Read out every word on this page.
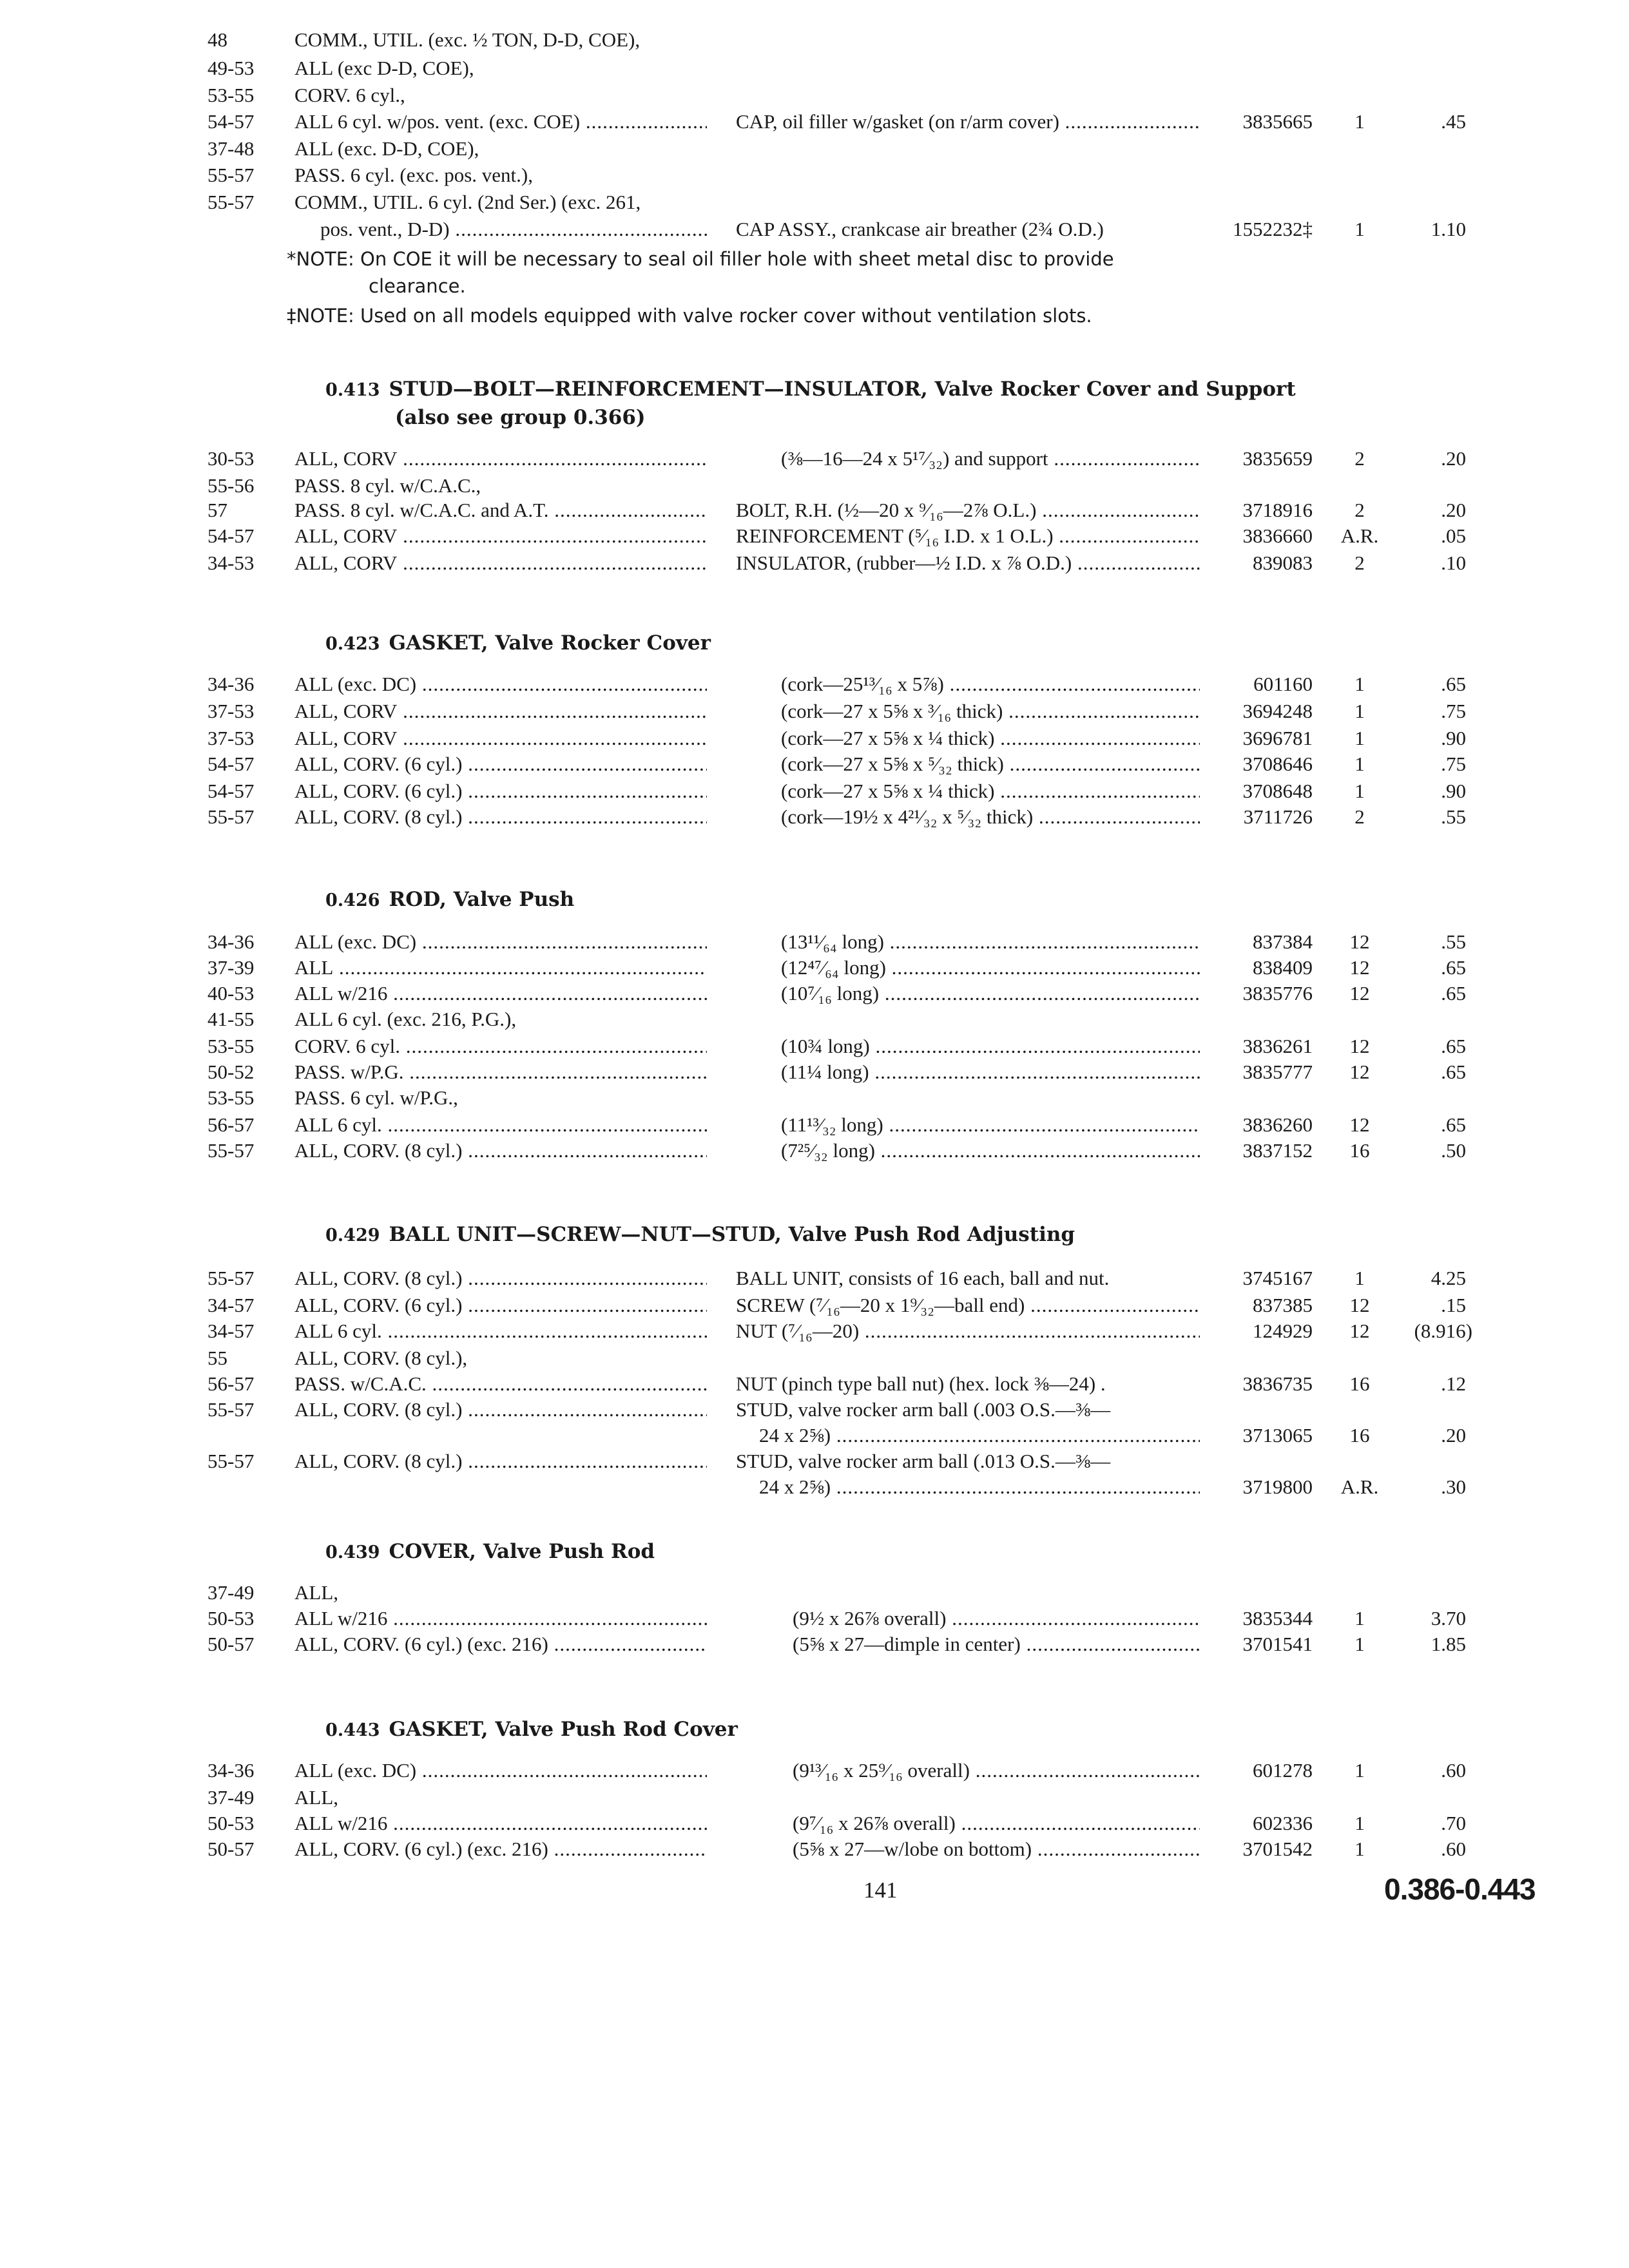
48	COMM., UTIL. (exc. ½ TON, D-D, COE),
49-53	ALL (exc D-D, COE),
53-55	CORV. 6 cyl.,
54-57	ALL 6 cyl. w/pos. vent. (exc. COE) .....	CAP, oil filler w/gasket (on r/arm cover) .....	3835665	1	.45
37-48	ALL (exc. D-D, COE),
55-57	PASS. 6 cyl. (exc. pos. vent.),
55-57	COMM., UTIL. 6 cyl. (2nd Ser.) (exc. 261,
pos. vent., D-D) .....	CAP ASSY., crankcase air breather (2¾ O.D.)	1552232‡	1	1.10
*NOTE: On COE it will be necessary to seal oil filler hole with sheet metal disc to provide
clearance.
‡NOTE: Used on all models equipped with valve rocker cover without ventilation slots.
0.413 STUD—BOLT—REINFORCEMENT—INSULATOR, Valve Rocker Cover and Support
(also see group 0.366)
30-53	ALL, CORV .....	(⅜—16—24 x 5¹⁷⁄₃₂) and support .....	3835659	2	.20
55-56	PASS. 8 cyl. w/C.A.C.,
57	PASS. 8 cyl. w/C.A.C. and A.T. .....	BOLT, R.H. (½—20 x ⁹⁄₁₆—2⅞ O.L.) .....	3718916	2	.20
54-57	ALL, CORV .....	REINFORCEMENT (⁵⁄₁₆ I.D. x 1 O.L.) .....	3836660	A.R.	.05
34-53	ALL, CORV .....	INSULATOR, (rubber—½ I.D. x ⅞ O.D.) .....	839083	2	.10
0.423 GASKET, Valve Rocker Cover
34-36	ALL (exc. DC) .....	(cork—25¹³⁄₁₆ x 5⅞) .....	601160	1	.65
37-53	ALL, CORV .....	(cork—27 x 5⅝ x ³⁄₁₆ thick) .....	3694248	1	.75
37-53	ALL, CORV .....	(cork—27 x 5⅝ x ¼ thick) .....	3696781	1	.90
54-57	ALL, CORV. (6 cyl.) .....	(cork—27 x 5⅝ x ⁵⁄₃₂ thick) .....	3708646	1	.75
54-57	ALL, CORV. (6 cyl.) .....	(cork—27 x 5⅝ x ¼ thick) .....	3708648	1	.90
55-57	ALL, CORV. (8 cyl.) .....	(cork—19½ x 4²¹⁄₃₂ x ⁵⁄₃₂ thick) .....	3711726	2	.55
0.426 ROD, Valve Push
34-36	ALL (exc. DC) .....	(13¹¹⁄₆₄ long) .....	837384	12	.55
37-39	ALL .....	(12⁴⁷⁄₆₄ long) .....	838409	12	.65
40-53	ALL w/216 .....	(10⁷⁄₁₆ long) .....	3835776	12	.65
41-55	ALL 6 cyl. (exc. 216, P.G.),
53-55	CORV. 6 cyl. .....	(10¾ long) .....	3836261	12	.65
50-52	PASS. w/P.G. .....	(11¼ long) .....	3835777	12	.65
53-55	PASS. 6 cyl. w/P.G.,
56-57	ALL 6 cyl. .....	(11¹³⁄₃₂ long) .....	3836260	12	.65
55-57	ALL, CORV. (8 cyl.) .....	(7²⁵⁄₃₂ long) .....	3837152	16	.50
0.429 BALL UNIT—SCREW—NUT—STUD, Valve Push Rod Adjusting
55-57	ALL, CORV. (8 cyl.) .....	BALL UNIT, consists of 16 each, ball and nut.	3745167	1	4.25
34-57	ALL, CORV. (6 cyl.) .....	SCREW (⁷⁄₁₆—20 x 1⁹⁄₃₂—ball end) .....	837385	12	.15
34-57	ALL 6 cyl. .....	NUT (⁷⁄₁₆—20) .....	124929	12	(8.916)
55	ALL, CORV. (8 cyl.),
56-57	PASS. w/C.A.C. .....	NUT (pinch type ball nut) (hex. lock ⅜—24) .	3836735	16	.12
55-57	ALL, CORV. (8 cyl.) .....	STUD, valve rocker arm ball (.003 O.S.—⅜—
24 x 2⅝) .....	3713065	16	.20
55-57	ALL, CORV. (8 cyl.) .....	STUD, valve rocker arm ball (.013 O.S.—⅜—
24 x 2⅝) .....	3719800	A.R.	.30
0.439 COVER, Valve Push Rod
37-49	ALL,
50-53	ALL w/216 .....	(9½ x 26⅞ overall) .....	3835344	1	3.70
50-57	ALL, CORV. (6 cyl.) (exc. 216) .....	(5⅝ x 27—dimple in center) .....	3701541	1	1.85
0.443 GASKET, Valve Push Rod Cover
34-36	ALL (exc. DC) .....	(9¹³⁄₁₆ x 25⁹⁄₁₆ overall) .....	601278	1	.60
37-49	ALL,
50-53	ALL w/216 .....	(9⁷⁄₁₆ x 26⅞ overall) .....	602336	1	.70
50-57	ALL, CORV. (6 cyl.) (exc. 216) .....	(5⅝ x 27—w/lobe on bottom) .....	3701542	1	.60
141	0.386-0.443
